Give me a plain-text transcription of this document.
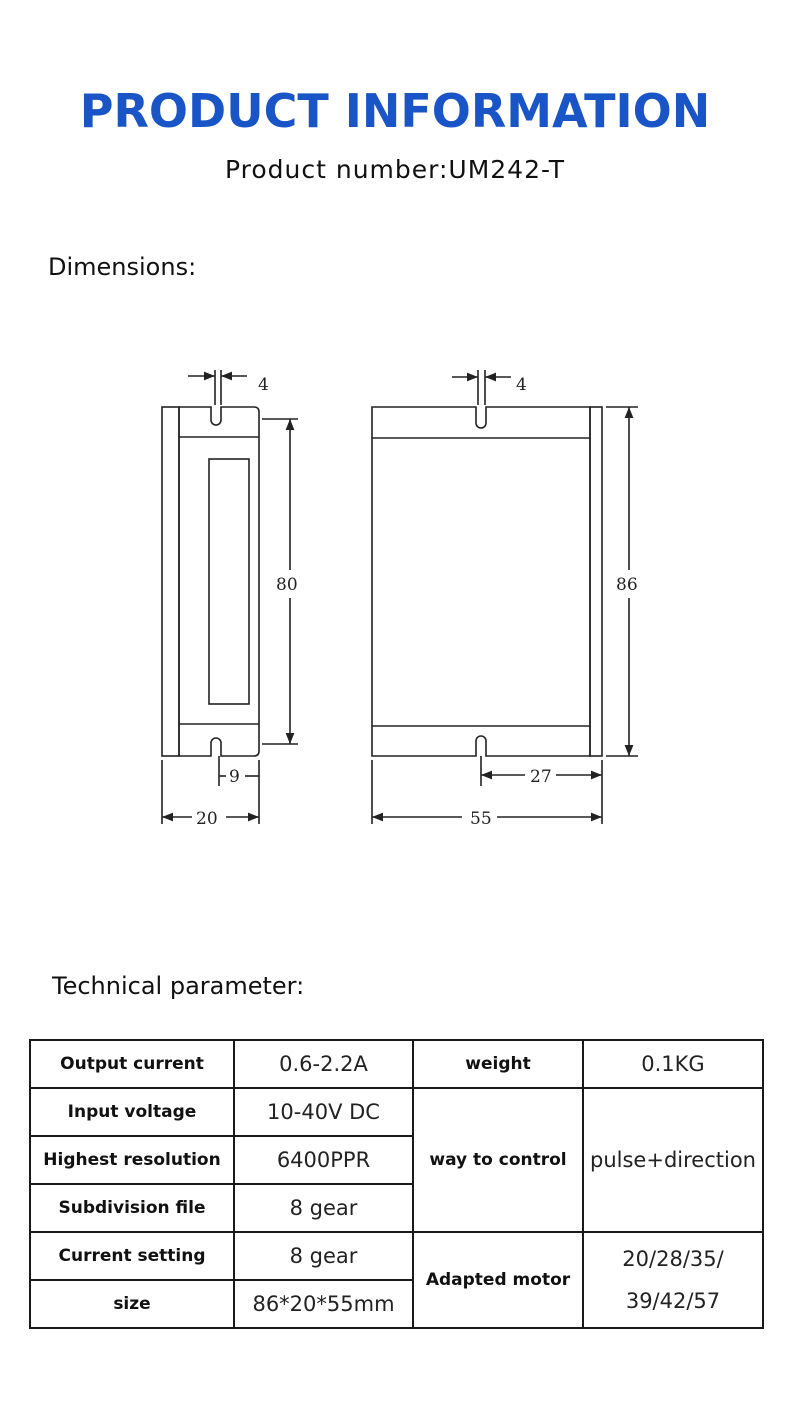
PRODUCT INFORMATION
Product number:UM242-T
Dimensions:
4
80
9
20
4
86
27
55
Technical parameter:
Output current	0.6-2.2A	weight	0.1KG
Input voltage	10-40V DC	way to control	pulse+direction
Highest resolution	6400PPR		
Subdivision file	8 gear		
Current setting	8 gear	Adapted motor	20/28/35/
39/42/57

size	86*20*55mm		
